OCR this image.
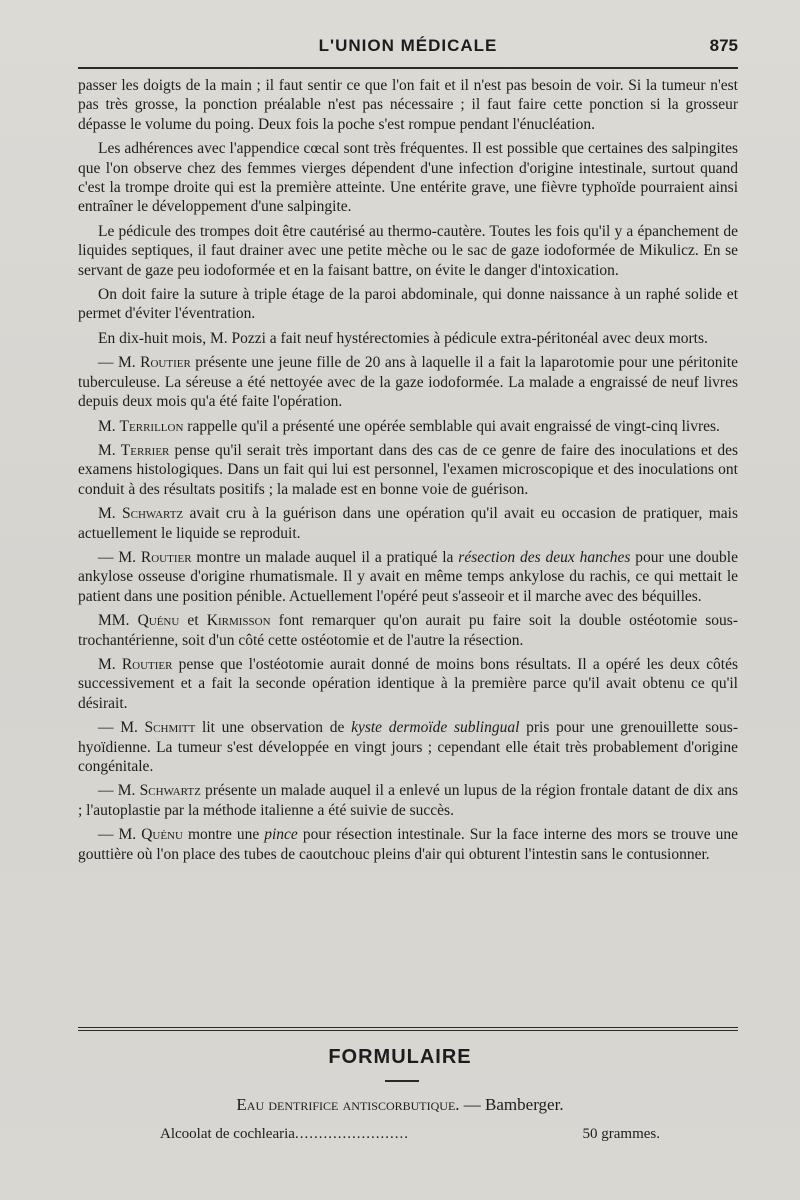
L'UNION MÉDICALE	875

passer les doigts de la main ; il faut sentir ce que l'on fait et il n'est pas besoin de voir. Si la tumeur n'est pas très grosse, la ponction préalable n'est pas nécessaire ; il faut faire cette ponction si la grosseur dépasse le volume du poing. Deux fois la poche s'est rompue pendant l'énucléation.

Les adhérences avec l'appendice cœcal sont très fréquentes. Il est possible que certaines des salpingites que l'on observe chez des femmes vierges dépendent d'une infection d'origine intestinale, surtout quand c'est la trompe droite qui est la première atteinte. Une entérite grave, une fièvre typhoïde pourraient ainsi entraîner le développement d'une salpingite.

Le pédicule des trompes doit être cautérisé au thermo-cautère. Toutes les fois qu'il y a épanchement de liquides septiques, il faut drainer avec une petite mèche ou le sac de gaze iodoformée de Mikulicz. En se servant de gaze peu iodoformée et en la faisant battre, on évite le danger d'intoxication.

On doit faire la suture à triple étage de la paroi abdominale, qui donne naissance à un raphé solide et permet d'éviter l'éventration.

En dix-huit mois, M. Pozzi a fait neuf hystérectomies à pédicule extra-péritonéal avec deux morts.

— M. Routier présente une jeune fille de 20 ans à laquelle il a fait la laparotomie pour une péritonite tuberculeuse. La séreuse a été nettoyée avec de la gaze iodoformée. La malade a engraissé de neuf livres depuis deux mois qu'a été faite l'opération.

M. Terrillon rappelle qu'il a présenté une opérée semblable qui avait engraissé de vingt-cinq livres.

M. Terrier pense qu'il serait très important dans des cas de ce genre de faire des inoculations et des examens histologiques. Dans un fait qui lui est personnel, l'examen microscopique et des inoculations ont conduit à des résultats positifs ; la malade est en bonne voie de guérison.

M. Schwartz avait cru à la guérison dans une opération qu'il avait eu occasion de pratiquer, mais actuellement le liquide se reproduit.

— M. Routier montre un malade auquel il a pratiqué la résection des deux hanches pour une double ankylose osseuse d'origine rhumatismale. Il y avait en même temps ankylose du rachis, ce qui mettait le patient dans une position pénible. Actuellement l'opéré peut s'asseoir et il marche avec des béquilles.

MM. Quénu et Kirmisson font remarquer qu'on aurait pu faire soit la double ostéotomie sous-trochantérienne, soit d'un côté cette ostéotomie et de l'autre la résection.

M. Routier pense que l'ostéotomie aurait donné de moins bons résultats. Il a opéré les deux côtés successivement et a fait la seconde opération identique à la première parce qu'il avait obtenu ce qu'il désirait.

— M. Schmitt lit une observation de kyste dermoïde sublingual pris pour une grenouillette sous-hyoïdienne. La tumeur s'est développée en vingt jours ; cependant elle était très probablement d'origine congénitale.

— M. Schwartz présente un malade auquel il a enlevé un lupus de la région frontale datant de dix ans ; l'autoplastie par la méthode italienne a été suivie de succès.

— M. Quénu montre une pince pour résection intestinale. Sur la face interne des mors se trouve une gouttière où l'on place des tubes de caoutchouc pleins d'air qui obturent l'intestin sans le contusionner.

FORMULAIRE
Eau dentrifice antiscorbutique. — Bamberger.
Alcoolat de cochlearia........................	50 grammes.
